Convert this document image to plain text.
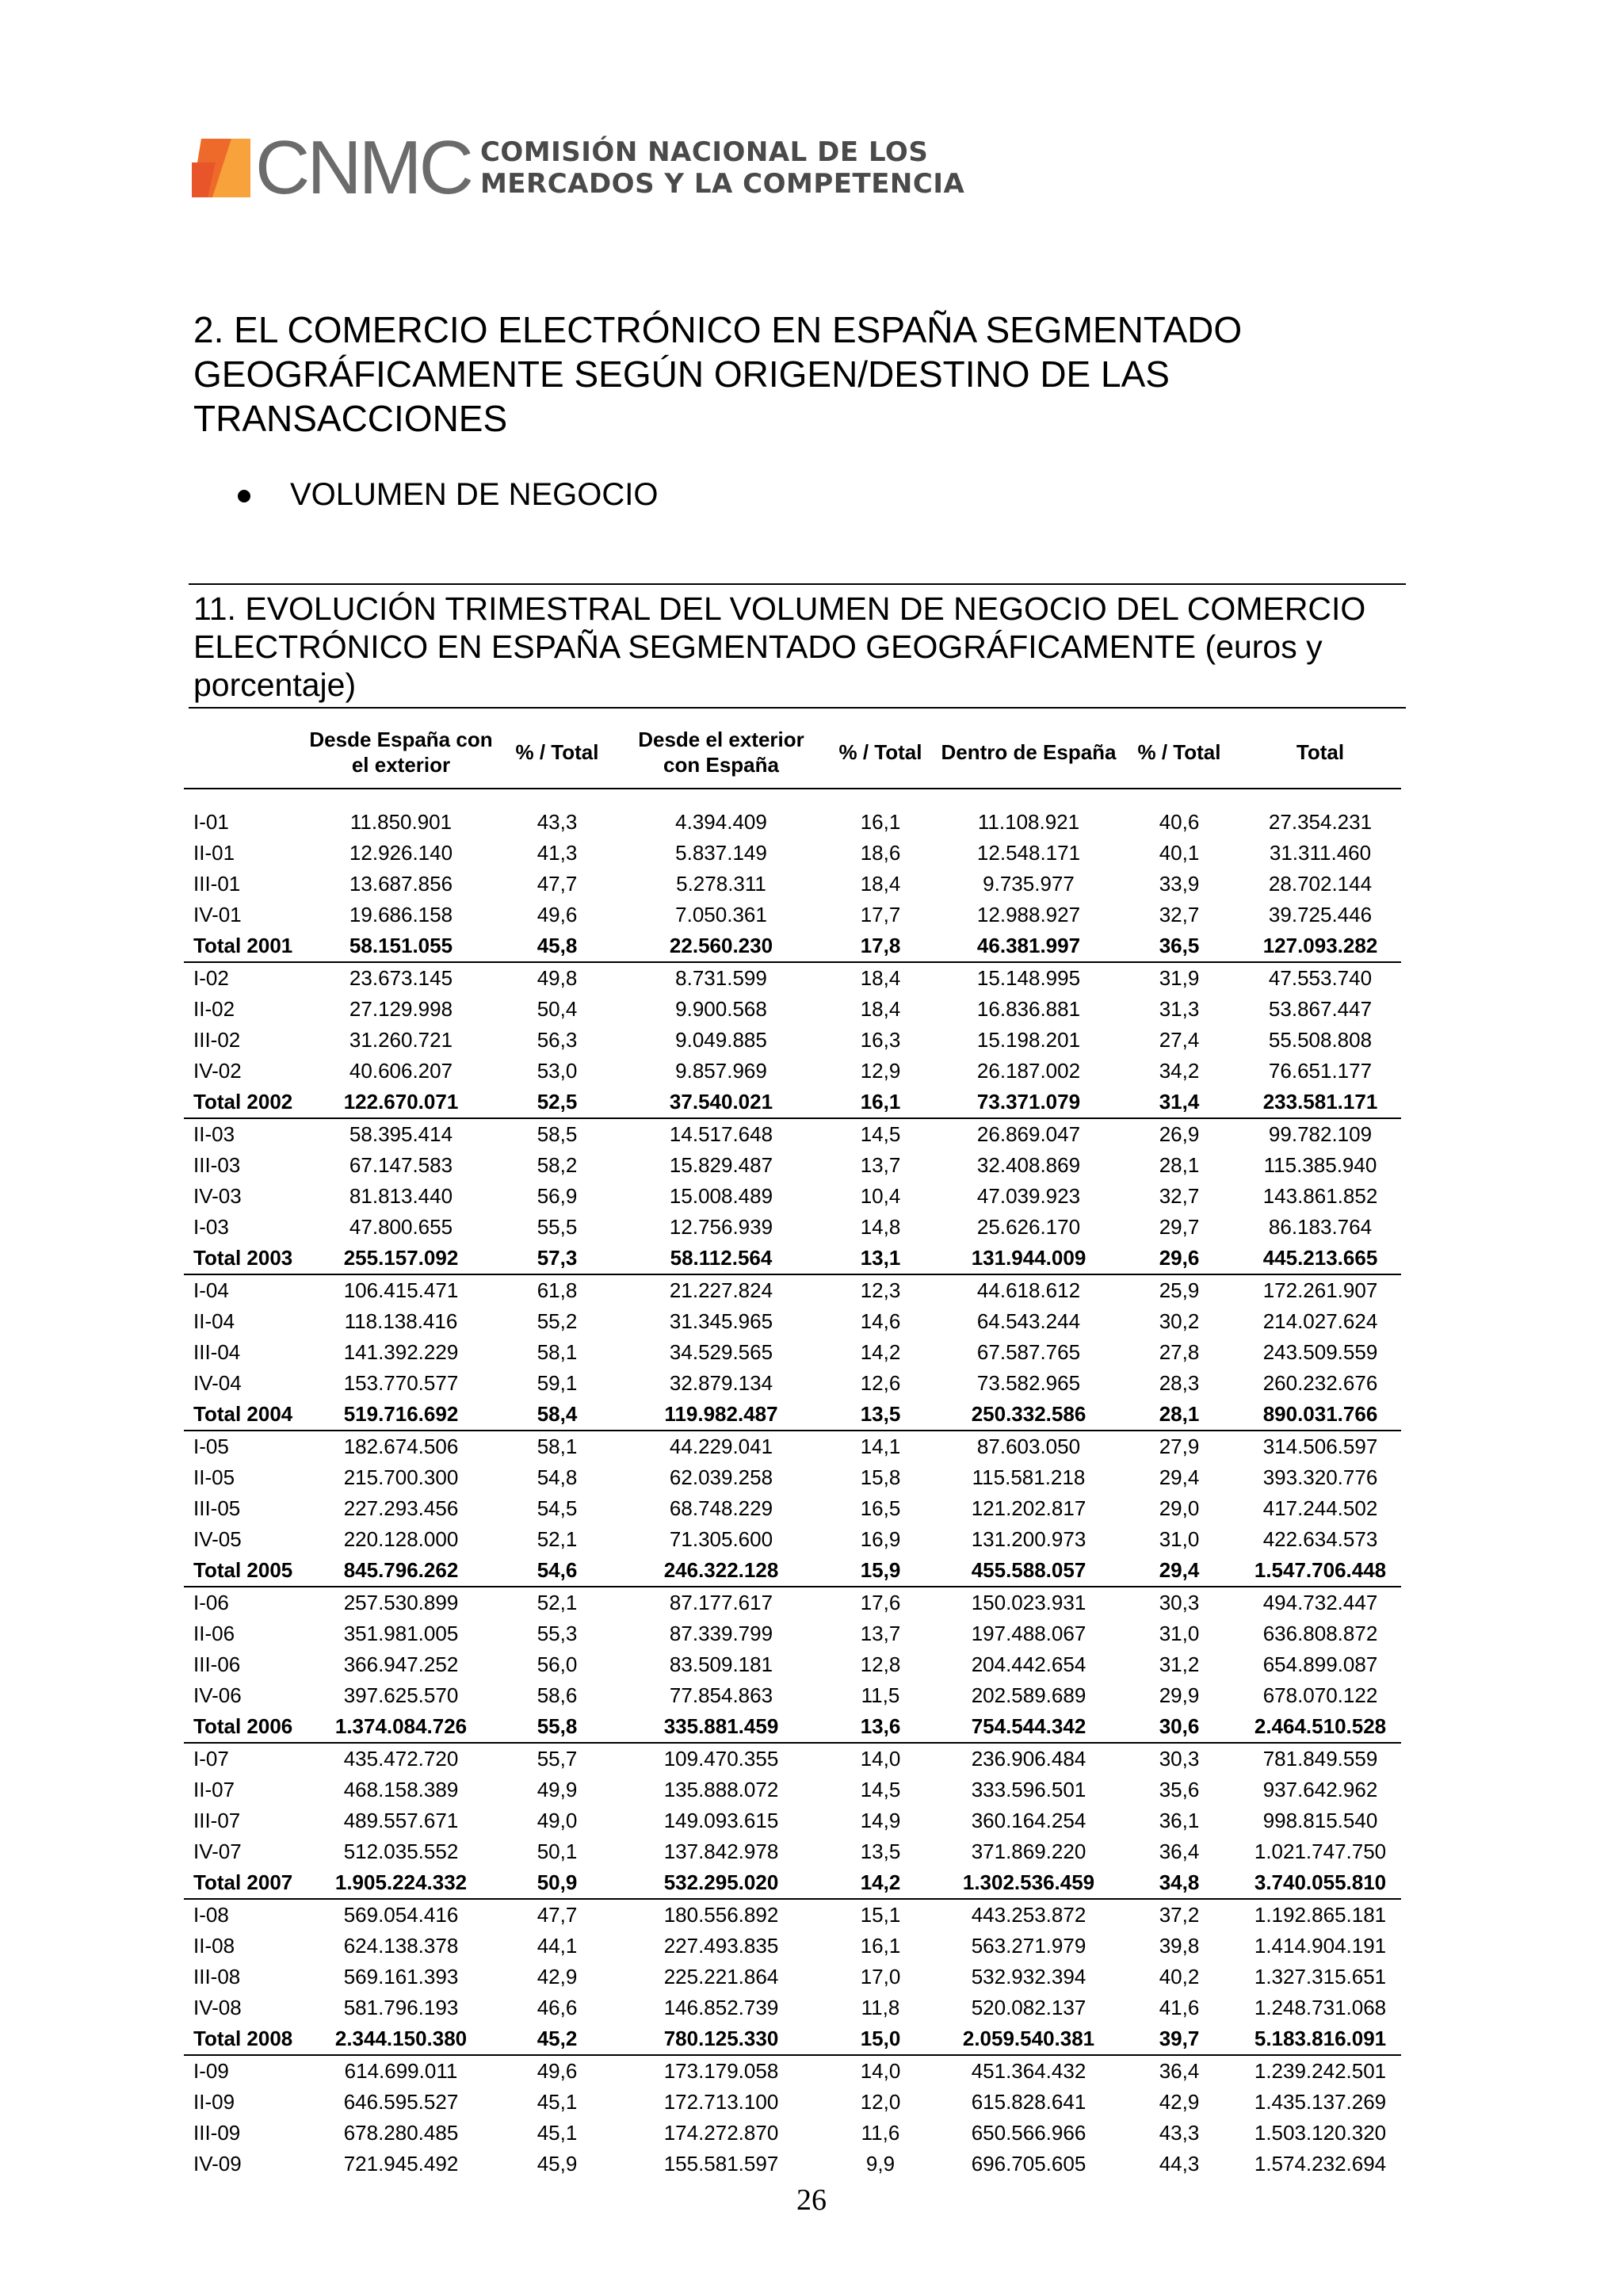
CNMC COMISIÓN NACIONAL DE LOS
MERCADOS Y LA COMPETENCIA
2. EL COMERCIO ELECTRÓNICO EN ESPAÑA SEGMENTADO GEOGRÁFICAMENTE SEGÚN ORIGEN/DESTINO DE LAS TRANSACCIONES
VOLUMEN DE NEGOCIO
11. EVOLUCIÓN TRIMESTRAL DEL VOLUMEN DE NEGOCIO DEL COMERCIO ELECTRÓNICO EN ESPAÑA SEGMENTADO GEOGRÁFICAMENTE (euros y porcentaje)
	Desde España con el exterior	% / Total	Desde el exterior con España	% / Total	Dentro de España	% / Total	Total

I-01	11.850.901	43,3	4.394.409	16,1	11.108.921	40,6	27.354.231
II-01	12.926.140	41,3	5.837.149	18,6	12.548.171	40,1	31.311.460
III-01	13.687.856	47,7	5.278.311	18,4	9.735.977	33,9	28.702.144
IV-01	19.686.158	49,6	7.050.361	17,7	12.988.927	32,7	39.725.446
Total 2001	58.151.055	45,8	22.560.230	17,8	46.381.997	36,5	127.093.282
I-02	23.673.145	49,8	8.731.599	18,4	15.148.995	31,9	47.553.740
II-02	27.129.998	50,4	9.900.568	18,4	16.836.881	31,3	53.867.447
III-02	31.260.721	56,3	9.049.885	16,3	15.198.201	27,4	55.508.808
IV-02	40.606.207	53,0	9.857.969	12,9	26.187.002	34,2	76.651.177
Total 2002	122.670.071	52,5	37.540.021	16,1	73.371.079	31,4	233.581.171
II-03	58.395.414	58,5	14.517.648	14,5	26.869.047	26,9	99.782.109
III-03	67.147.583	58,2	15.829.487	13,7	32.408.869	28,1	115.385.940
IV-03	81.813.440	56,9	15.008.489	10,4	47.039.923	32,7	143.861.852
I-03	47.800.655	55,5	12.756.939	14,8	25.626.170	29,7	86.183.764
Total 2003	255.157.092	57,3	58.112.564	13,1	131.944.009	29,6	445.213.665
I-04	106.415.471	61,8	21.227.824	12,3	44.618.612	25,9	172.261.907
II-04	118.138.416	55,2	31.345.965	14,6	64.543.244	30,2	214.027.624
III-04	141.392.229	58,1	34.529.565	14,2	67.587.765	27,8	243.509.559
IV-04	153.770.577	59,1	32.879.134	12,6	73.582.965	28,3	260.232.676
Total 2004	519.716.692	58,4	119.982.487	13,5	250.332.586	28,1	890.031.766
I-05	182.674.506	58,1	44.229.041	14,1	87.603.050	27,9	314.506.597
II-05	215.700.300	54,8	62.039.258	15,8	115.581.218	29,4	393.320.776
III-05	227.293.456	54,5	68.748.229	16,5	121.202.817	29,0	417.244.502
IV-05	220.128.000	52,1	71.305.600	16,9	131.200.973	31,0	422.634.573
Total 2005	845.796.262	54,6	246.322.128	15,9	455.588.057	29,4	1.547.706.448
I-06	257.530.899	52,1	87.177.617	17,6	150.023.931	30,3	494.732.447
II-06	351.981.005	55,3	87.339.799	13,7	197.488.067	31,0	636.808.872
III-06	366.947.252	56,0	83.509.181	12,8	204.442.654	31,2	654.899.087
IV-06	397.625.570	58,6	77.854.863	11,5	202.589.689	29,9	678.070.122
Total 2006	1.374.084.726	55,8	335.881.459	13,6	754.544.342	30,6	2.464.510.528
I-07	435.472.720	55,7	109.470.355	14,0	236.906.484	30,3	781.849.559
II-07	468.158.389	49,9	135.888.072	14,5	333.596.501	35,6	937.642.962
III-07	489.557.671	49,0	149.093.615	14,9	360.164.254	36,1	998.815.540
IV-07	512.035.552	50,1	137.842.978	13,5	371.869.220	36,4	1.021.747.750
Total 2007	1.905.224.332	50,9	532.295.020	14,2	1.302.536.459	34,8	3.740.055.810
I-08	569.054.416	47,7	180.556.892	15,1	443.253.872	37,2	1.192.865.181
II-08	624.138.378	44,1	227.493.835	16,1	563.271.979	39,8	1.414.904.191
III-08	569.161.393	42,9	225.221.864	17,0	532.932.394	40,2	1.327.315.651
IV-08	581.796.193	46,6	146.852.739	11,8	520.082.137	41,6	1.248.731.068
Total 2008	2.344.150.380	45,2	780.125.330	15,0	2.059.540.381	39,7	5.183.816.091
I-09	614.699.011	49,6	173.179.058	14,0	451.364.432	36,4	1.239.242.501
II-09	646.595.527	45,1	172.713.100	12,0	615.828.641	42,9	1.435.137.269
III-09	678.280.485	45,1	174.272.870	11,6	650.566.966	43,3	1.503.120.320
IV-09	721.945.492	45,9	155.581.597	9,9	696.705.605	44,3	1.574.232.694
26
